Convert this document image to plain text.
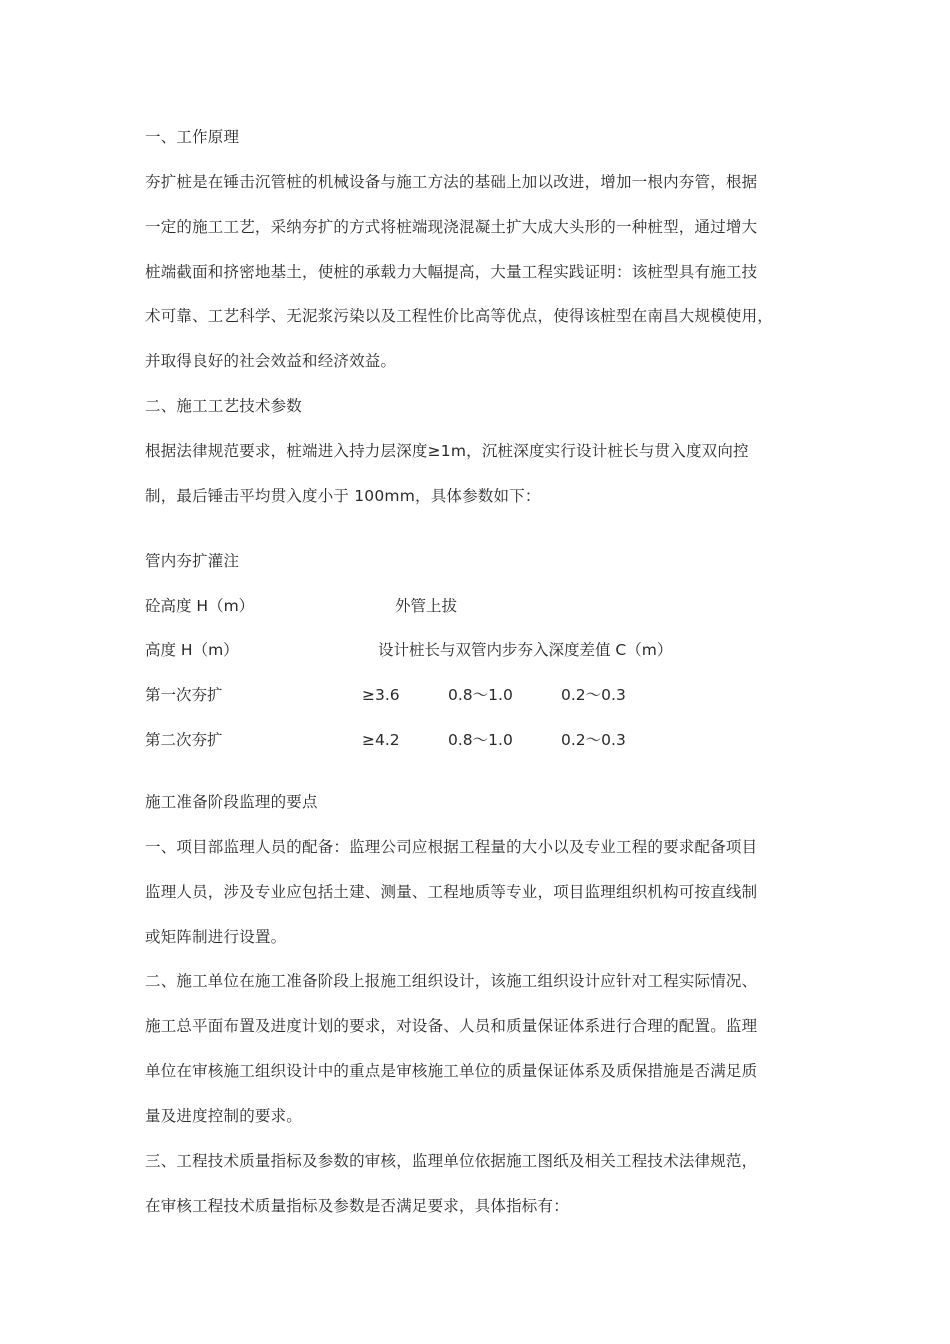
一、工作原理
夯扩桩是在锤击沉管桩的机械设备与施工方法的基础上加以改进，增加一根内夯管，根据
一定的施工工艺，采纳夯扩的方式将桩端现浇混凝土扩大成大头形的一种桩型，通过增大
桩端截面和挤密地基土，使桩的承载力大幅提高，大量工程实践证明：该桩型具有施工技
术可靠、工艺科学、无泥浆污染以及工程性价比高等优点，使得该桩型在南昌大规模使用，
并取得良好的社会效益和经济效益。
二、施工工艺技术参数
根据法律规范要求，桩端进入持力层深度≥1m，沉桩深度实行设计桩长与贯入度双向控
制，最后锤击平均贯入度小于 100mm，具体参数如下：
管内夯扩灌注
砼高度 H（m）	外管上拔
高度 H（m）	设计桩长与双管内步夯入深度差值 C（m）
第一次夯扩	≥3.6	0.8～1.0	0.2～0.3
第二次夯扩	≥4.2	0.8～1.0	0.2～0.3
施工准备阶段监理的要点
一、项目部监理人员的配备：监理公司应根据工程量的大小以及专业工程的要求配备项目
监理人员，涉及专业应包括土建、测量、工程地质等专业，项目监理组织机构可按直线制
或矩阵制进行设置。
二、施工单位在施工准备阶段上报施工组织设计，该施工组织设计应针对工程实际情况、
施工总平面布置及进度计划的要求，对设备、人员和质量保证体系进行合理的配置。监理
单位在审核施工组织设计中的重点是审核施工单位的质量保证体系及质保措施是否满足质
量及进度控制的要求。
三、工程技术质量指标及参数的审核，监理单位依据施工图纸及相关工程技术法律规范，
在审核工程技术质量指标及参数是否满足要求，具体指标有：
